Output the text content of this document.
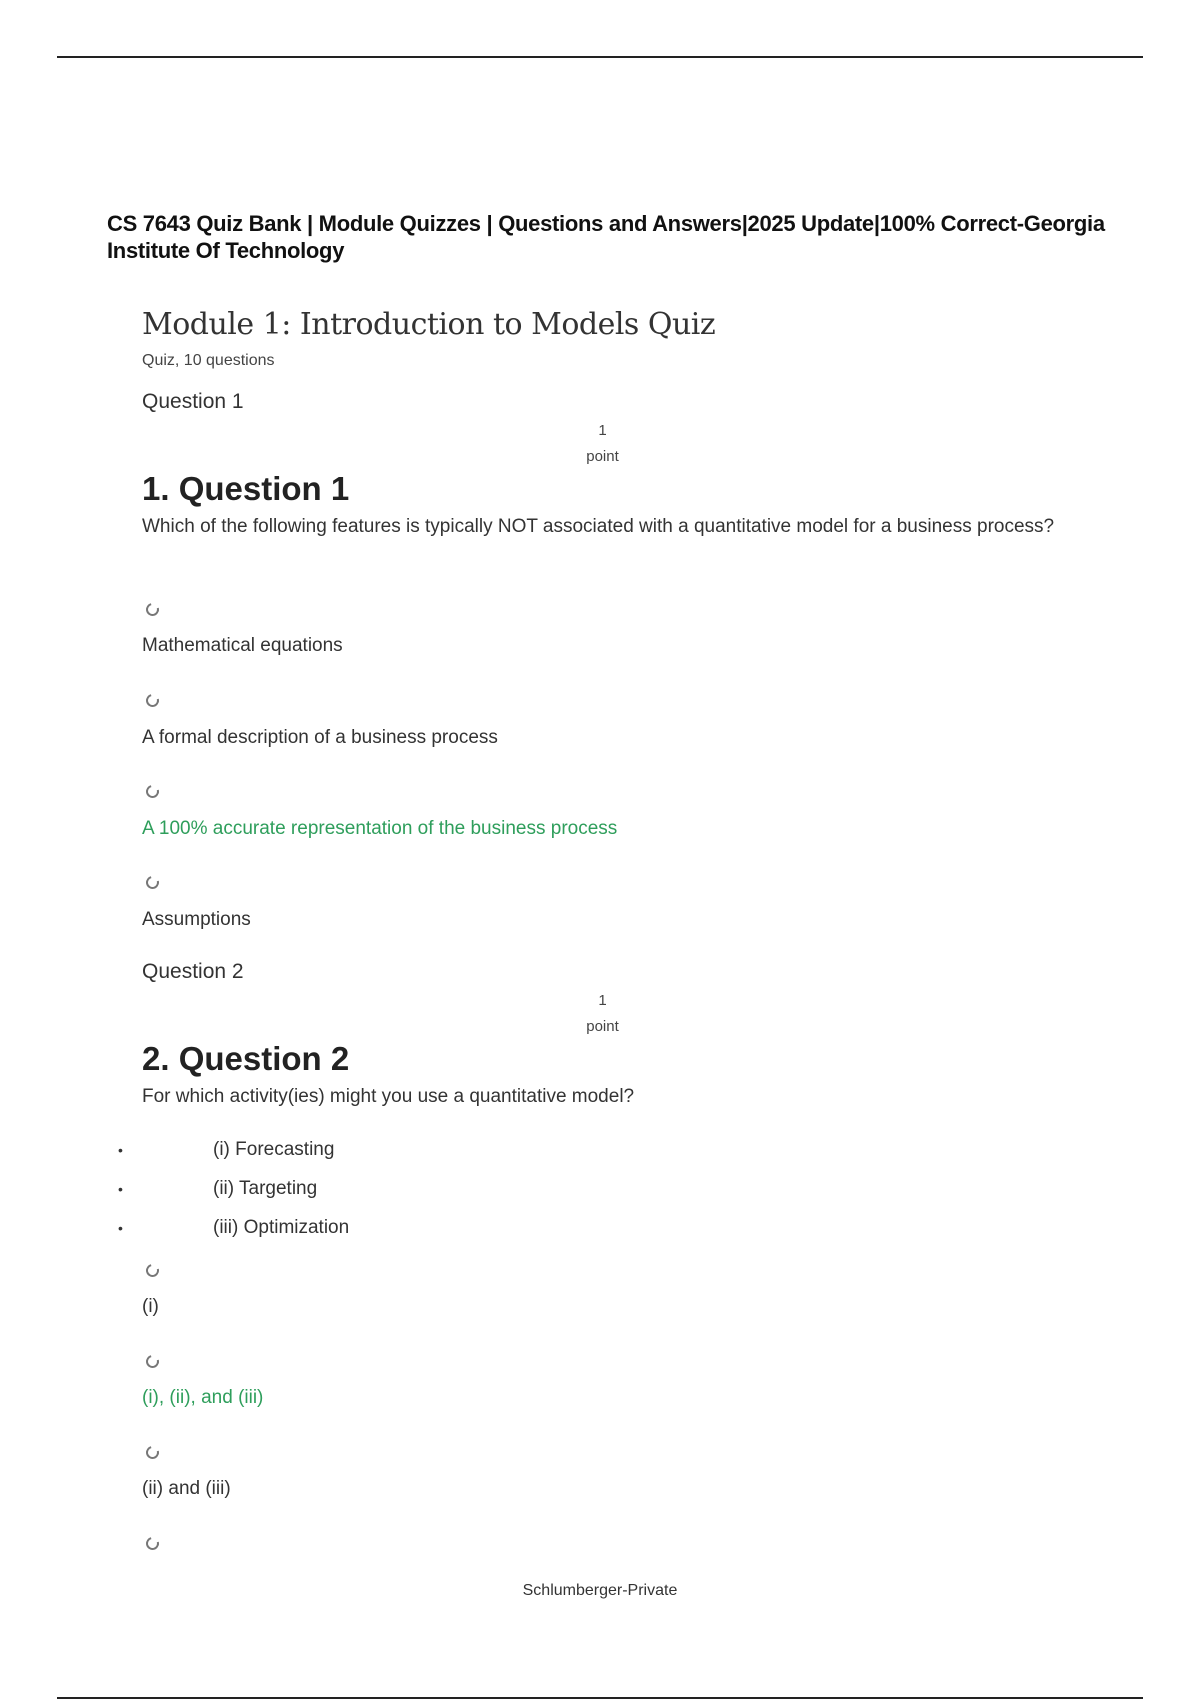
CS 7643 Quiz Bank | Module Quizzes | Questions and Answers|2025 Update|100% Correct-Georgia Institute Of Technology
Module 1: Introduction to Models Quiz
Quiz, 10 questions
Question 1
1
point
1. Question 1
Which of the following features is typically NOT associated with a quantitative model for a business process?
Mathematical equations
A formal description of a business process
A 100% accurate representation of the business process
Assumptions
Question 2
1
point
2. Question 2
For which activity(ies) might you use a quantitative model?
•	(i) Forecasting
•	(ii) Targeting
•	(iii) Optimization
(i)
(i), (ii), and (iii)
(ii) and (iii)
Schlumberger-Private
